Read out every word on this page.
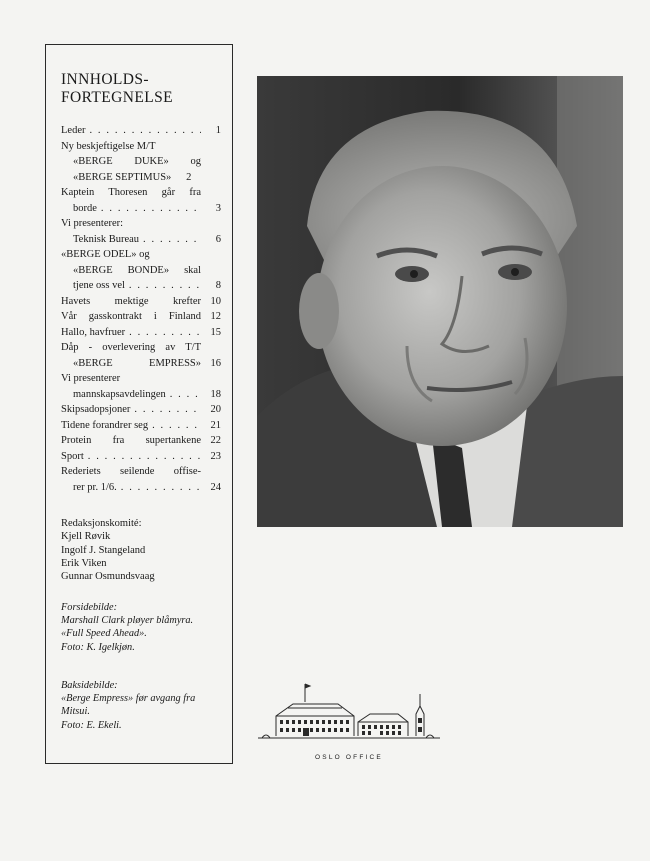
INNHOLDS-
FORTEGNELSE
Leder . . .	1
Ny beskjeftigelse M/T
«BERGE DUKE» og
«BERGE SEPTIMUS»	2
Kaptein Thoresen går fra
borde . . .	3
Vi presenterer:
Teknisk Bureau . . .	6
«BERGE ODEL» og
«BERGE BONDE» skal
tjene oss vel . . .	8
Havets mektige krefter 10
Vår gasskontrakt i Finland 12
Hallo, havfruer . . .	15
Dåp - overlevering av T/T
«BERGE EMPRESS» 16
Vi presenterer
mannskapsavdelingen . . .	18
Skipsadopsjoner . . .	20
Tidene forandrer seg . . .	21
Protein fra supertankene 22
Sport . . .	23
Rederiets seilende offise-
rer pr. 1/6. . . .	24
Redaksjonskomité:
Kjell Røvik
Ingolf J. Stangeland
Erik Viken
Gunnar Osmundsvaag
Forsidebilde:
Marshall Clark pløyer blåmyra.
«Full Speed Ahead».
Foto: K. Igelkjøn.
Baksidebilde:
«Berge Empress» før avgang fra
Mitsui.
Foto: E. Ekeli.
OSLO OFFICE
